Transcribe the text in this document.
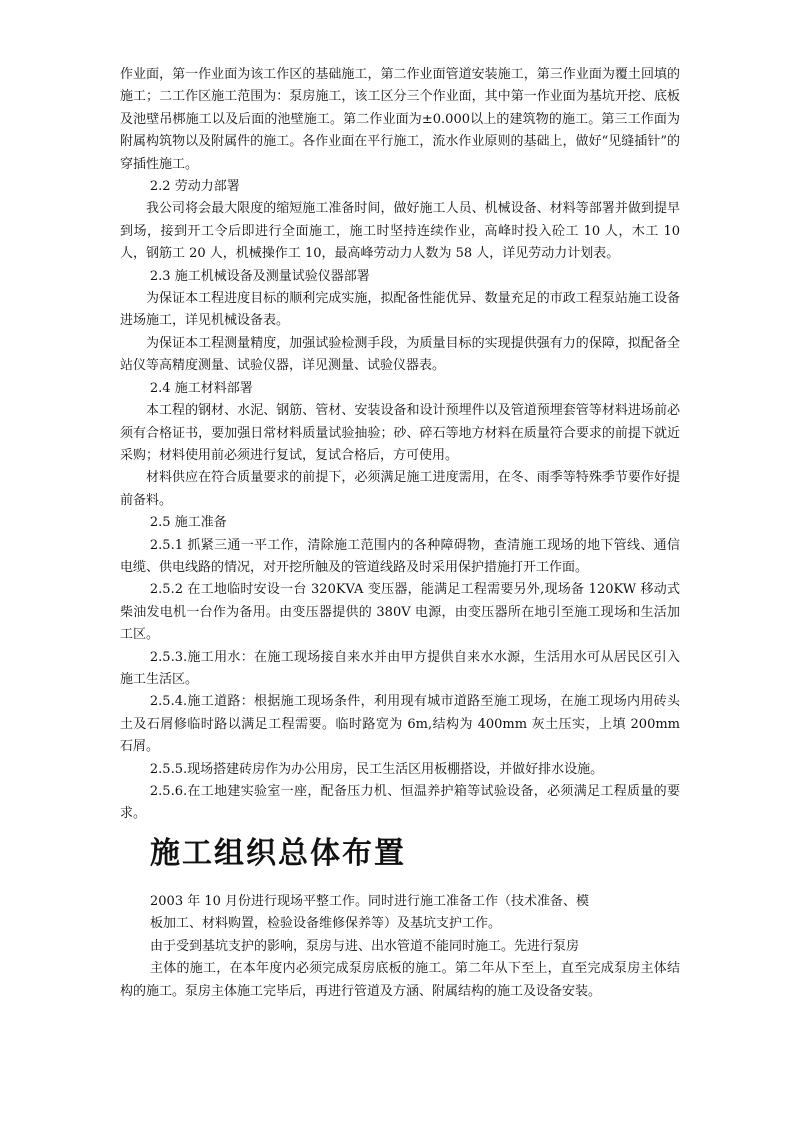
作业面，第一作业面为该工作区的基础施工，第二作业面管道安装施工，第三作业面为覆土回填的施工；二工作区施工范围为：泵房施工，该工区分三个作业面，其中第一作业面为基坑开挖、底板及池壁吊梆施工以及后面的池壁施工。第二作业面为±0.000以上的建筑物的施工。第三工作面为附属构筑物以及附属件的施工。各作业面在平行施工，流水作业原则的基础上，做好“见缝插针”的穿插性施工。

2.2 劳动力部署

我公司将会最大限度的缩短施工准备时间，做好施工人员、机械设备、材料等部署并做到提早到场，接到开工令后即进行全面施工，施工时坚持连续作业，高峰时投入砼工 10 人，木工 10 人，钢筋工 20 人，机械操作工 10，最高峰劳动力人数为 58 人，详见劳动力计划表。

2.3 施工机械设备及测量试验仪器部署

为保证本工程进度目标的顺利完成实施，拟配备性能优异、数量充足的市政工程泵站施工设备进场施工，详见机械设备表。

为保证本工程测量精度，加强试验检测手段，为质量目标的实现提供强有力的保障，拟配备全站仪等高精度测量、试验仪器，详见测量、试验仪器表。

2.4 施工材料部署

本工程的钢材、水泥、钢筋、管材、安装设备和设计预埋件以及管道预埋套管等材料进场前必须有合格证书，要加强日常材料质量试验抽验；砂、碎石等地方材料在质量符合要求的前提下就近采购；材料使用前必须进行复试，复试合格后，方可使用。

材料供应在符合质量要求的前提下，必须满足施工进度需用，在冬、雨季等特殊季节要作好提前备料。

2.5 施工准备

2.5.1 抓紧三通一平工作，清除施工范围内的各种障碍物，查清施工现场的地下管线、通信电缆、供电线路的情况，对开挖所触及的管道线路及时采用保护措施打开工作面。

2.5.2 在工地临时安设一台 320KVA 变压器，能满足工程需要另外,现场备 120KW 移动式柴油发电机一台作为备用。由变压器提供的 380V 电源，由变压器所在地引至施工现场和生活加工区。

2.5.3.施工用水：在施工现场接自来水并由甲方提供自来水水源，生活用水可从居民区引入施工生活区。

2.5.4.施工道路：根据施工现场条件，利用现有城市道路至施工现场，在施工现场内用砖头土及石屑修临时路以满足工程需要。临时路宽为 6m,结构为 400mm 灰土压实，上填 200mm 石屑。

2.5.5.现场搭建砖房作为办公用房，民工生活区用板棚搭设，并做好排水设施。

2.5.6.在工地建实验室一座，配备压力机、恒温养护箱等试验设备，必须满足工程质量的要求。

施工组织总体布置

2003 年 10 月份进行现场平整工作。同时进行施工准备工作（技术准备、模

板加工、材料购置，检验设备维修保养等）及基坑支护工作。

由于受到基坑支护的影响，泵房与进、出水管道不能同时施工。先进行泵房

主体的施工，在本年度内必须完成泵房底板的施工。第二年从下至上，直至完成泵房主体结构的施工。泵房主体施工完毕后，再进行管道及方涵、附属结构的施工及设备安装。
